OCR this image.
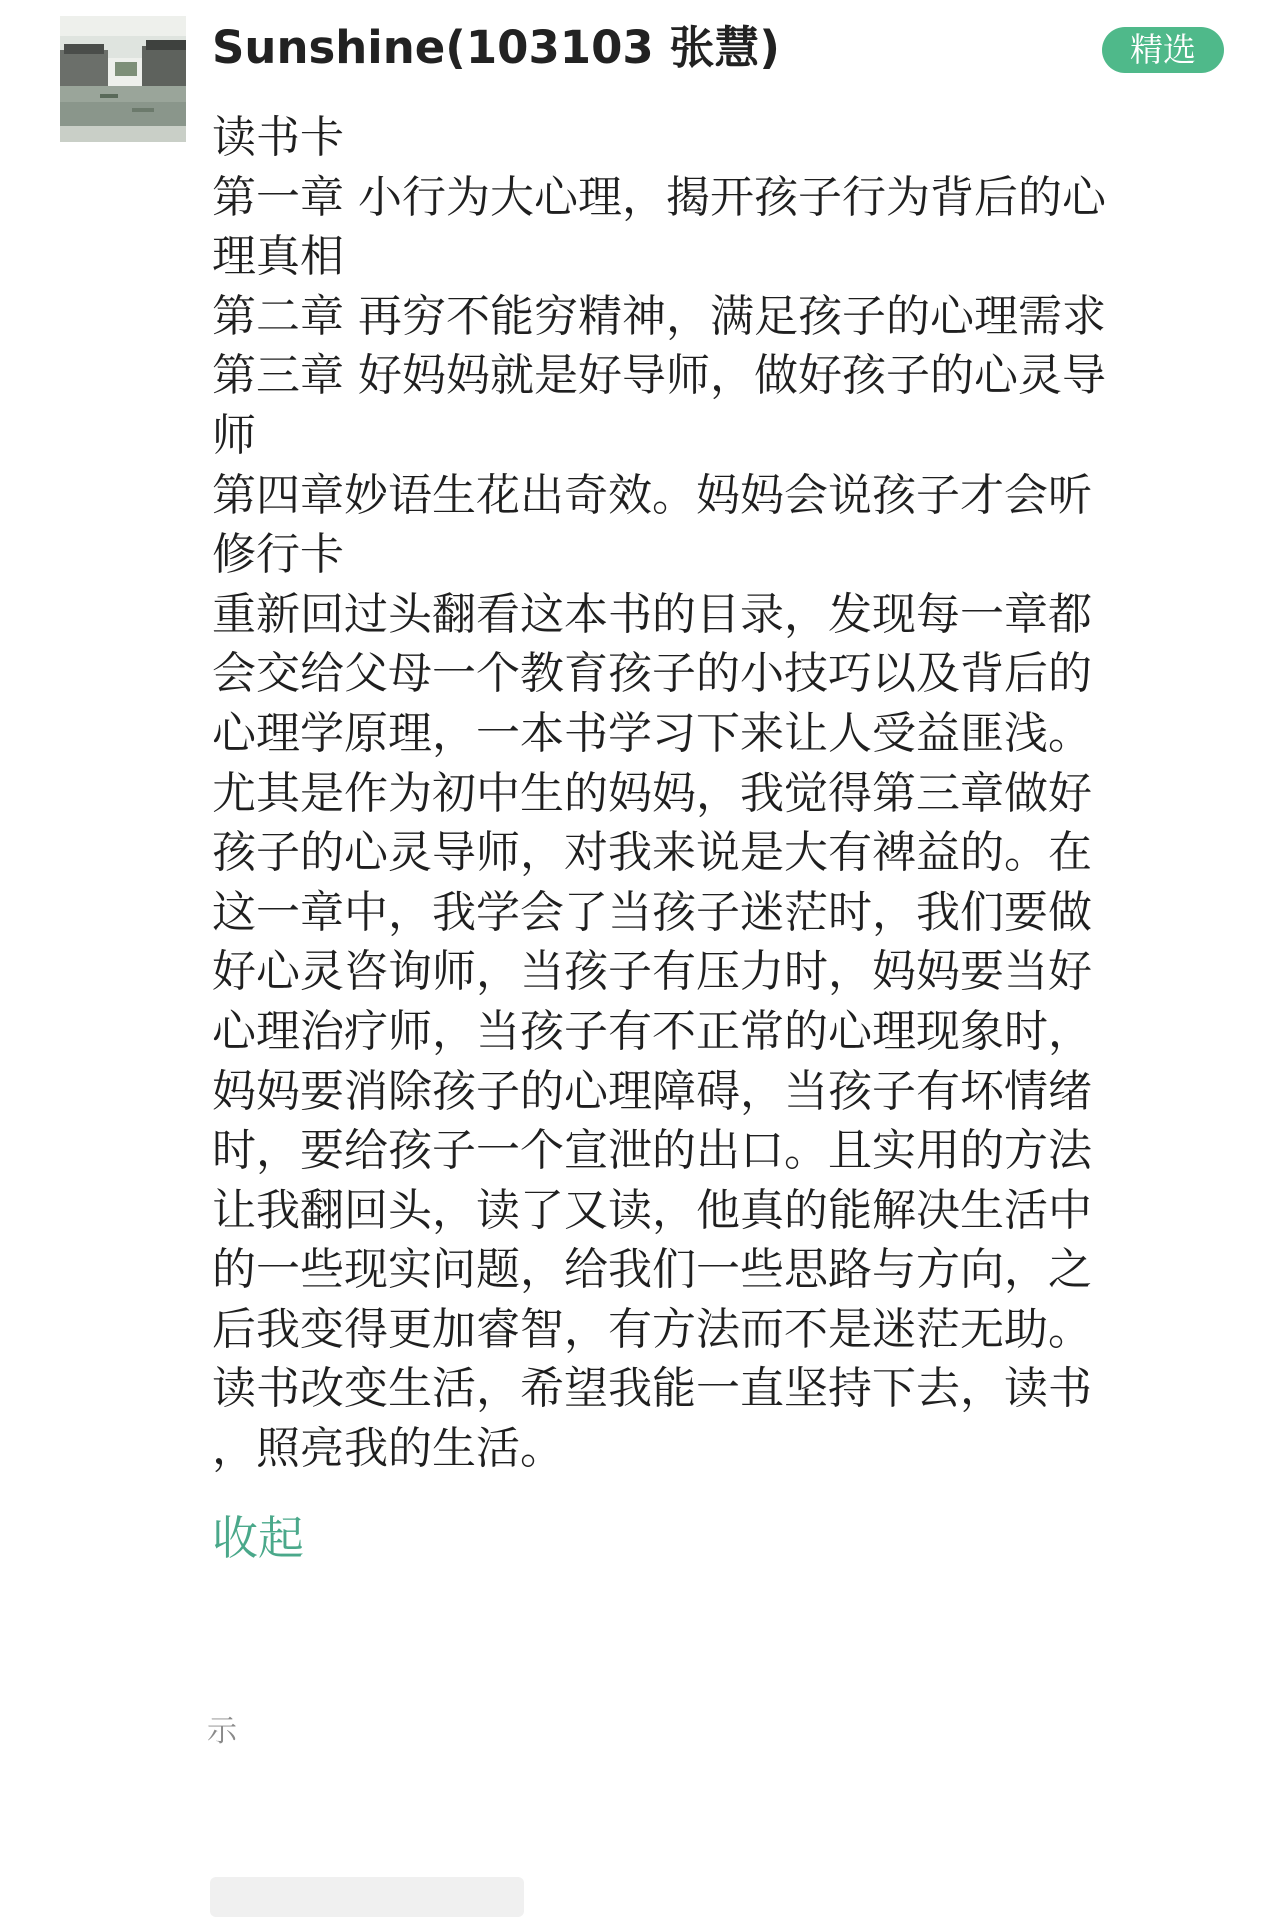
Sunshine(103103 张慧)	精选
读书卡
第一章 小行为大心理，揭开孩子行为背后的心
理真相
第二章 再穷不能穷精神，满足孩子的心理需求
第三章 好妈妈就是好导师，做好孩子的心灵导
师
第四章妙语生花出奇效。妈妈会说孩子才会听
修行卡
重新回过头翻看这本书的目录，发现每一章都
会交给父母一个教育孩子的小技巧以及背后的
心理学原理，一本书学习下来让人受益匪浅。
尤其是作为初中生的妈妈，我觉得第三章做好
孩子的心灵导师，对我来说是大有裨益的。在
这一章中，我学会了当孩子迷茫时，我们要做
好心灵咨询师，当孩子有压力时，妈妈要当好
心理治疗师，当孩子有不正常的心理现象时，
妈妈要消除孩子的心理障碍，当孩子有坏情绪
时，要给孩子一个宣泄的出口。且实用的方法
让我翻回头，读了又读，他真的能解决生活中
的一些现实问题，给我们一些思路与方向，之
后我变得更加睿智，有方法而不是迷茫无助。
读书改变生活，希望我能一直坚持下去，读书
，照亮我的生活。
收起
示
